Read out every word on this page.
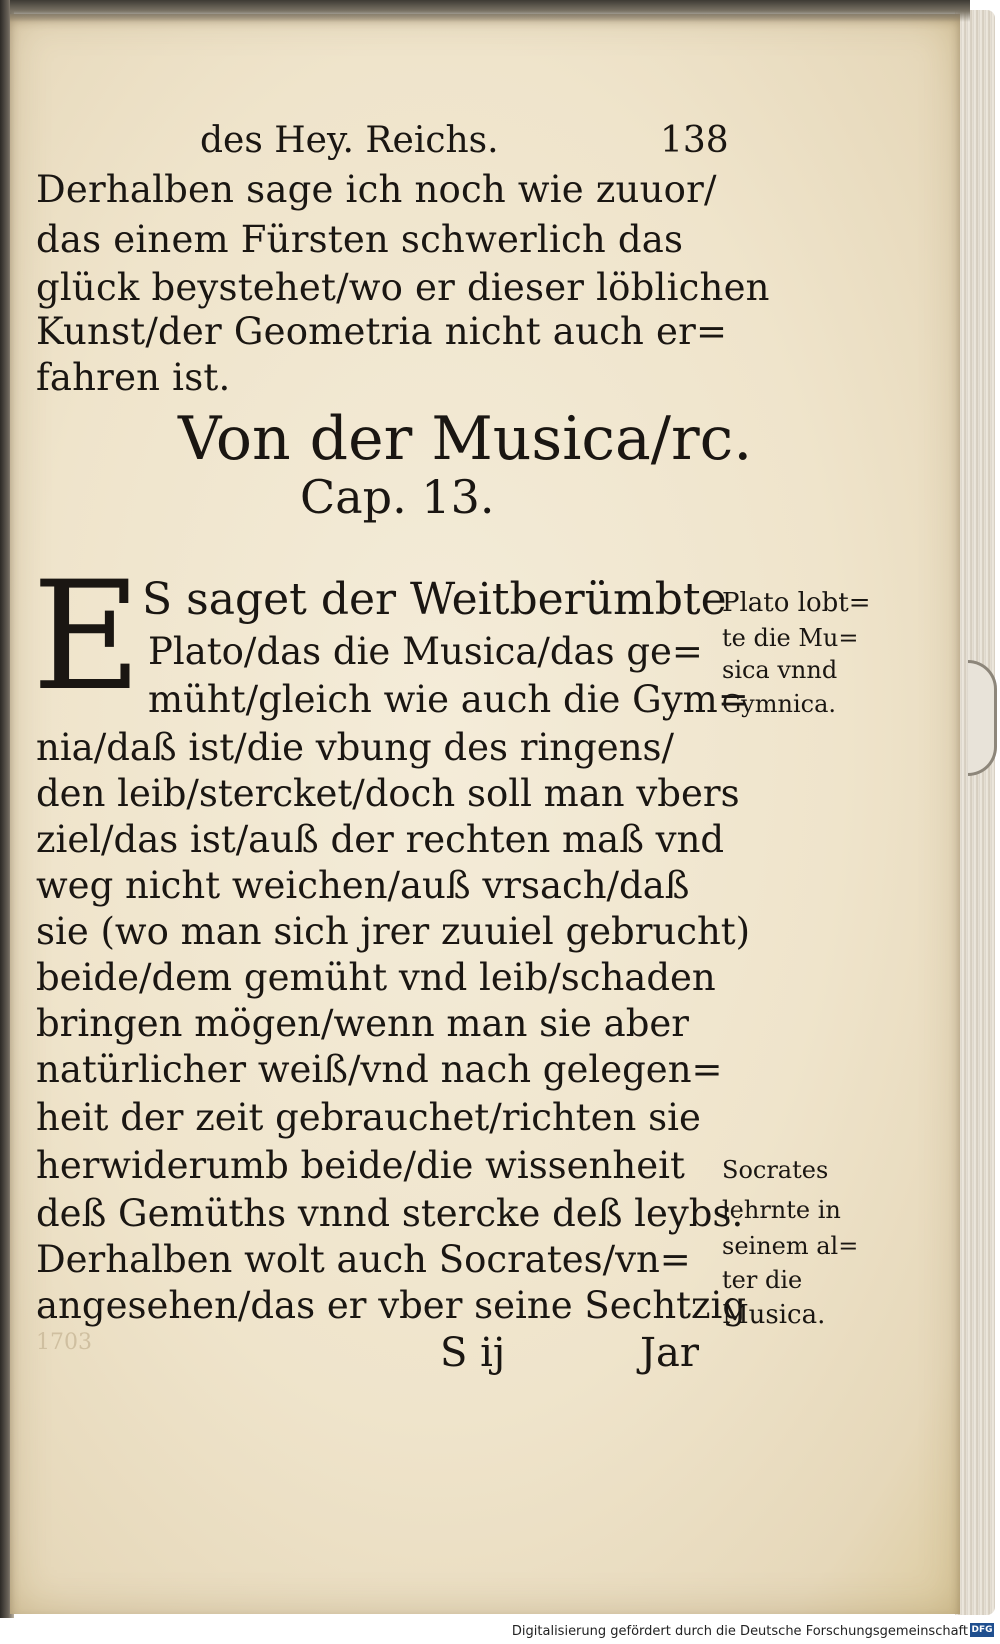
des Hey. Reichs.	138
Derhalben sage ich noch wie zuuor/
das einem Fürsten schwerlich das
glück beystehet/wo er dieser löblichen
Kunst/der Geometria nicht auch er=
fahren ist.
Von der Musica/rc.
Cap. 13.
E S saget der Weitberümbte
Plato/das die Musica/das ge=
müht/gleich wie auch die Gym=
nia/daß ist/die vbung des ringens/
den leib/stercket/doch soll man vbers
ziel/das ist/auß der rechten maß vnd
weg nicht weichen/auß vrsach/daß
sie (wo man sich jrer zuuiel gebrucht)
beide/dem gemüht vnd leib/schaden
bringen mögen/wenn man sie aber
natürlicher weiß/vnd nach gelegen=
heit der zeit gebrauchet/richten sie
herwiderumb beide/die wissenheit
deß Gemüths vnnd stercke deß leybs.
Derhalben wolt auch Socrates/vn=
angesehen/das er vber seine Sechtzig
S ij	Jar
Plato lobt=
te die Mu=
sica vnnd
Gymnica.
Socrates
lehrnte in
seinem al=
ter die
Musica.
1703
Digitalisierung gefördert durch die Deutsche Forschungsgemeinschaft DFG
